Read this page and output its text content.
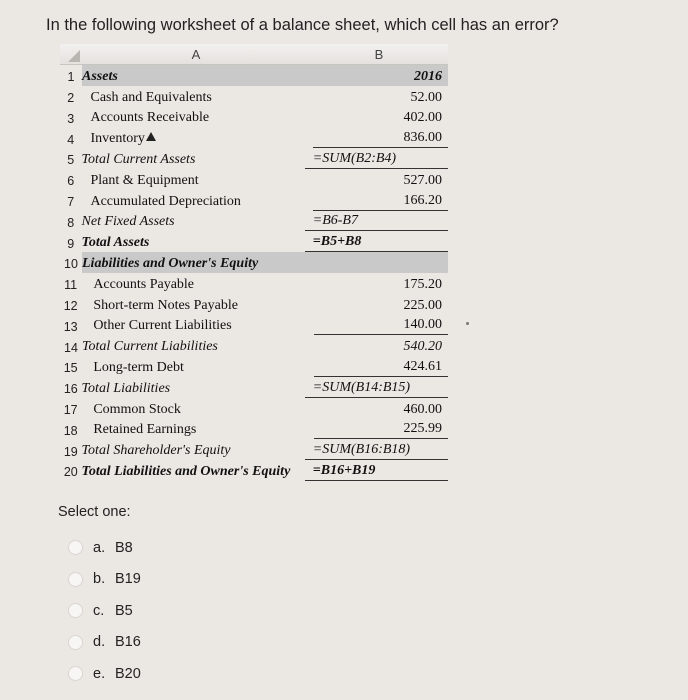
In the following worksheet of a balance sheet, which cell has an error?
A	B
1 Assets	2016
2	Cash and Equivalents	52.00
3	Accounts Receivable	402.00
4	Inventory	836.00
5 Total Current Assets	=SUM(B2:B4)
6	Plant & Equipment	527.00
7	Accumulated Depreciation	166.20
8 Net Fixed Assets	=B6-B7
9 Total Assets	=B5+B8
10 Liabilities and Owner's Equity
11	Accounts Payable	175.20
12	Short-term Notes Payable	225.00
13	Other Current Liabilities	140.00
14 Total Current Liabilities	540.20
15	Long-term Debt	424.61
16 Total Liabilities	=SUM(B14:B15)
17	Common Stock	460.00
18	Retained Earnings	225.99
19 Total Shareholder's Equity	=SUM(B16:B18)
20 Total Liabilities and Owner's Equity	=B16+B19
Select one:
a. B8
b. B19
c. B5
d. B16
e. B20
